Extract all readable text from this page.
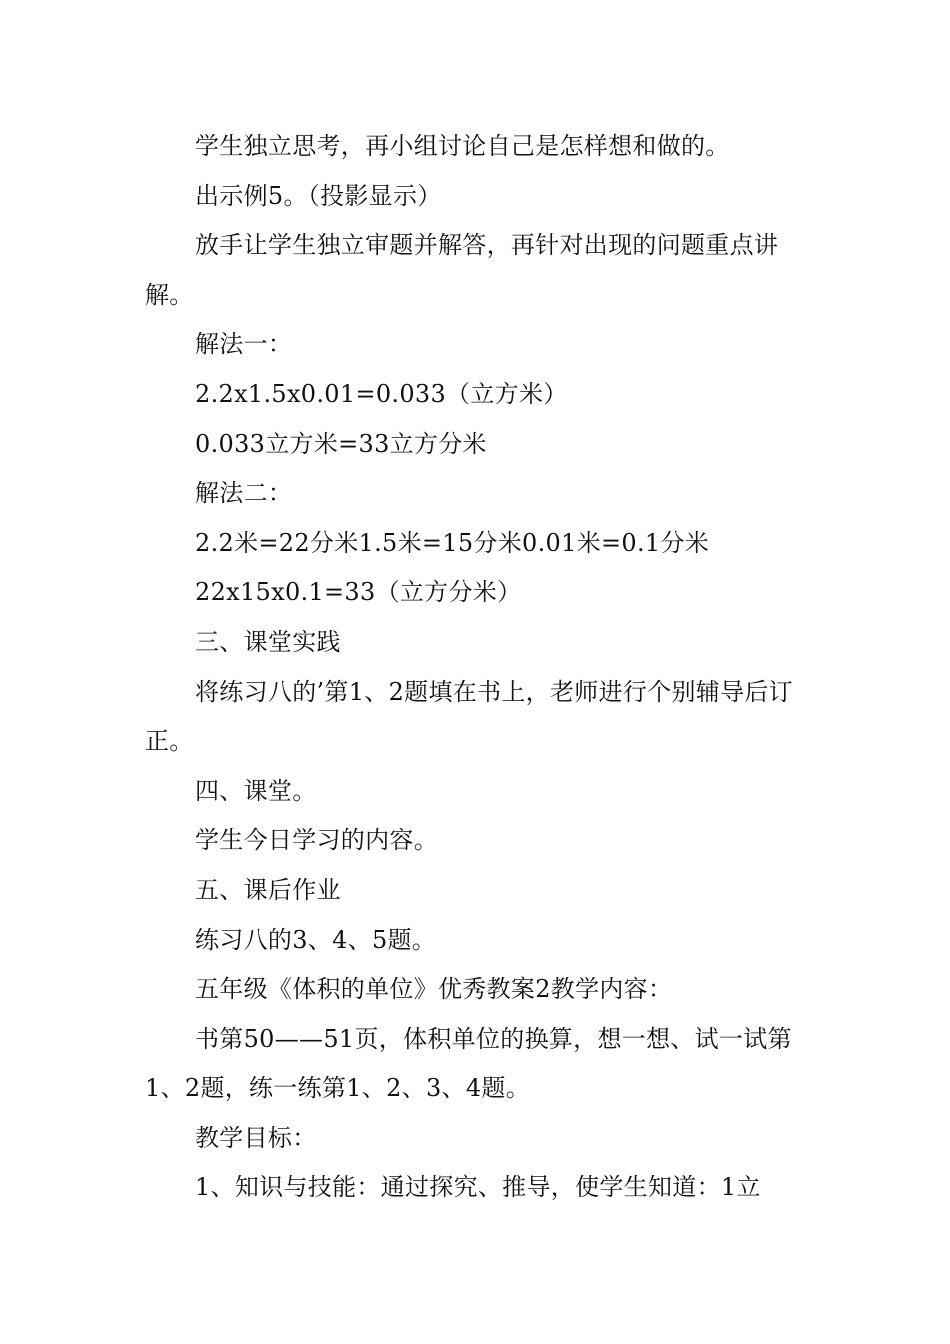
学生独立思考，再小组讨论自己是怎样想和做的。

出示例5。（投影显示）

放手让学生独立审题并解答，再针对出现的问题重点讲解。

解法一：

2.2x1.5x0.01=0.033（立方米）

0.033立方米=33立方分米

解法二：

2.2米=22分米1.5米=15分米0.01米=0.1分米

22x15x0.1=33（立方分米）

三、课堂实践

将练习八的’第1、2题填在书上，老师进行个别辅导后订正。

四、课堂。

学生今日学习的内容。

五、课后作业

练习八的3、4、5题。

五年级《体积的单位》优秀教案2教学内容：

书第50——51页，体积单位的换算，想一想、试一试第1、2题，练一练第1、2、3、4题。

教学目标：

1、知识与技能：通过探究、推导，使学生知道：1立
